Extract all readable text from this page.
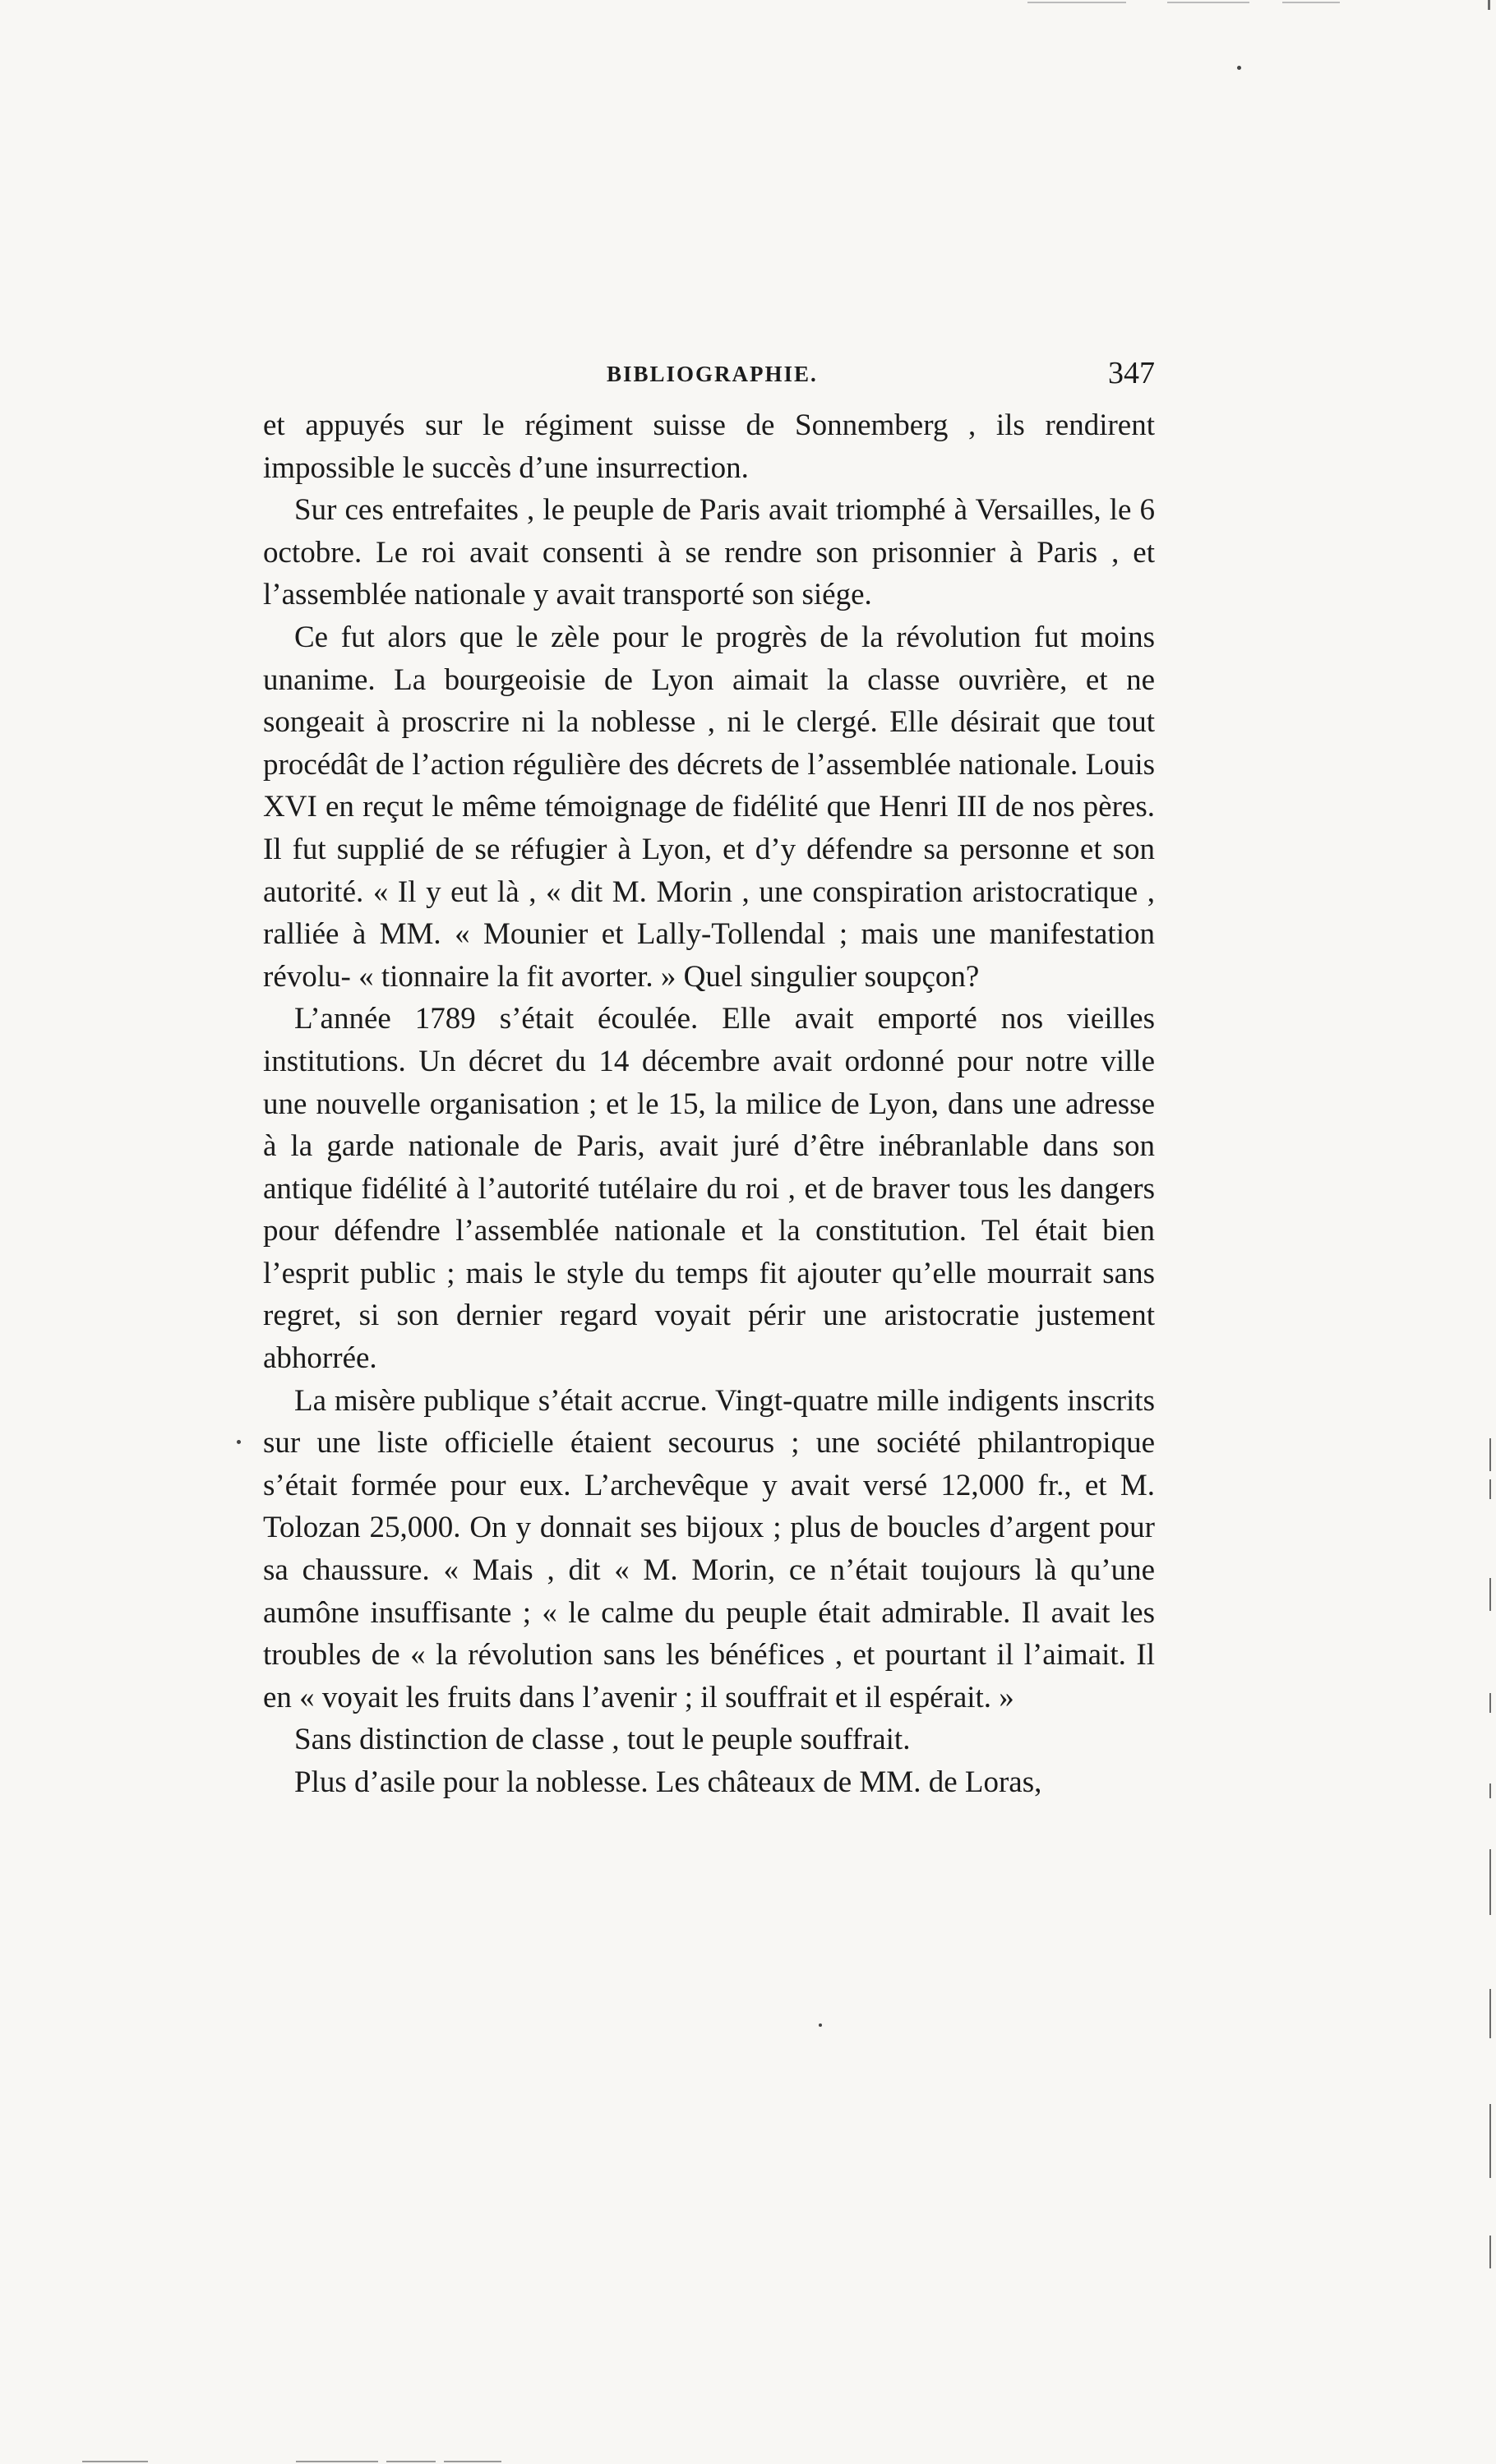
BIBLIOGRAPHIE.	347

et appuyés sur le régiment suisse de Sonnemberg , ils rendirent impossible le succès d’une insurrection.

Sur ces entrefaites , le peuple de Paris avait triomphé à Versailles, le 6 octobre. Le roi avait consenti à se rendre son prisonnier à Paris , et l’assemblée nationale y avait transporté son siége.

Ce fut alors que le zèle pour le progrès de la révolution fut moins unanime. La bourgeoisie de Lyon aimait la classe ouvrière, et ne songeait à proscrire ni la noblesse , ni le clergé. Elle désirait que tout procédât de l’action régulière des décrets de l’assemblée nationale. Louis XVI en reçut le même témoignage de fidélité que Henri III de nos pères. Il fut supplié de se réfugier à Lyon, et d’y défendre sa personne et son autorité. « Il y eut là , « dit M. Morin , une conspiration aristocratique , ralliée à MM. « Mounier et Lally-Tollendal ; mais une manifestation révolu- « tionnaire la fit avorter. » Quel singulier soupçon?

L’année 1789 s’était écoulée. Elle avait emporté nos vieilles institutions. Un décret du 14 décembre avait ordonné pour notre ville une nouvelle organisation ; et le 15, la milice de Lyon, dans une adresse à la garde nationale de Paris, avait juré d’être inébranlable dans son antique fidélité à l’autorité tutélaire du roi , et de braver tous les dangers pour défendre l’assemblée nationale et la constitution. Tel était bien l’esprit public ; mais le style du temps fit ajouter qu’elle mourrait sans regret, si son dernier regard voyait périr une aristocratie justement abhorrée.

La misère publique s’était accrue. Vingt-quatre mille indigents inscrits sur une liste officielle étaient secourus ; une société philantropique s’était formée pour eux. L’archevêque y avait versé 12,000 fr., et M. Tolozan 25,000. On y donnait ses bijoux ; plus de boucles d’argent pour sa chaussure. « Mais , dit « M. Morin, ce n’était toujours là qu’une aumône insuffisante ; « le calme du peuple était admirable. Il avait les troubles de « la révolution sans les bénéfices , et pourtant il l’aimait. Il en « voyait les fruits dans l’avenir ; il souffrait et il espérait. »

Sans distinction de classe , tout le peuple souffrait.

Plus d’asile pour la noblesse. Les châteaux de MM. de Loras,
